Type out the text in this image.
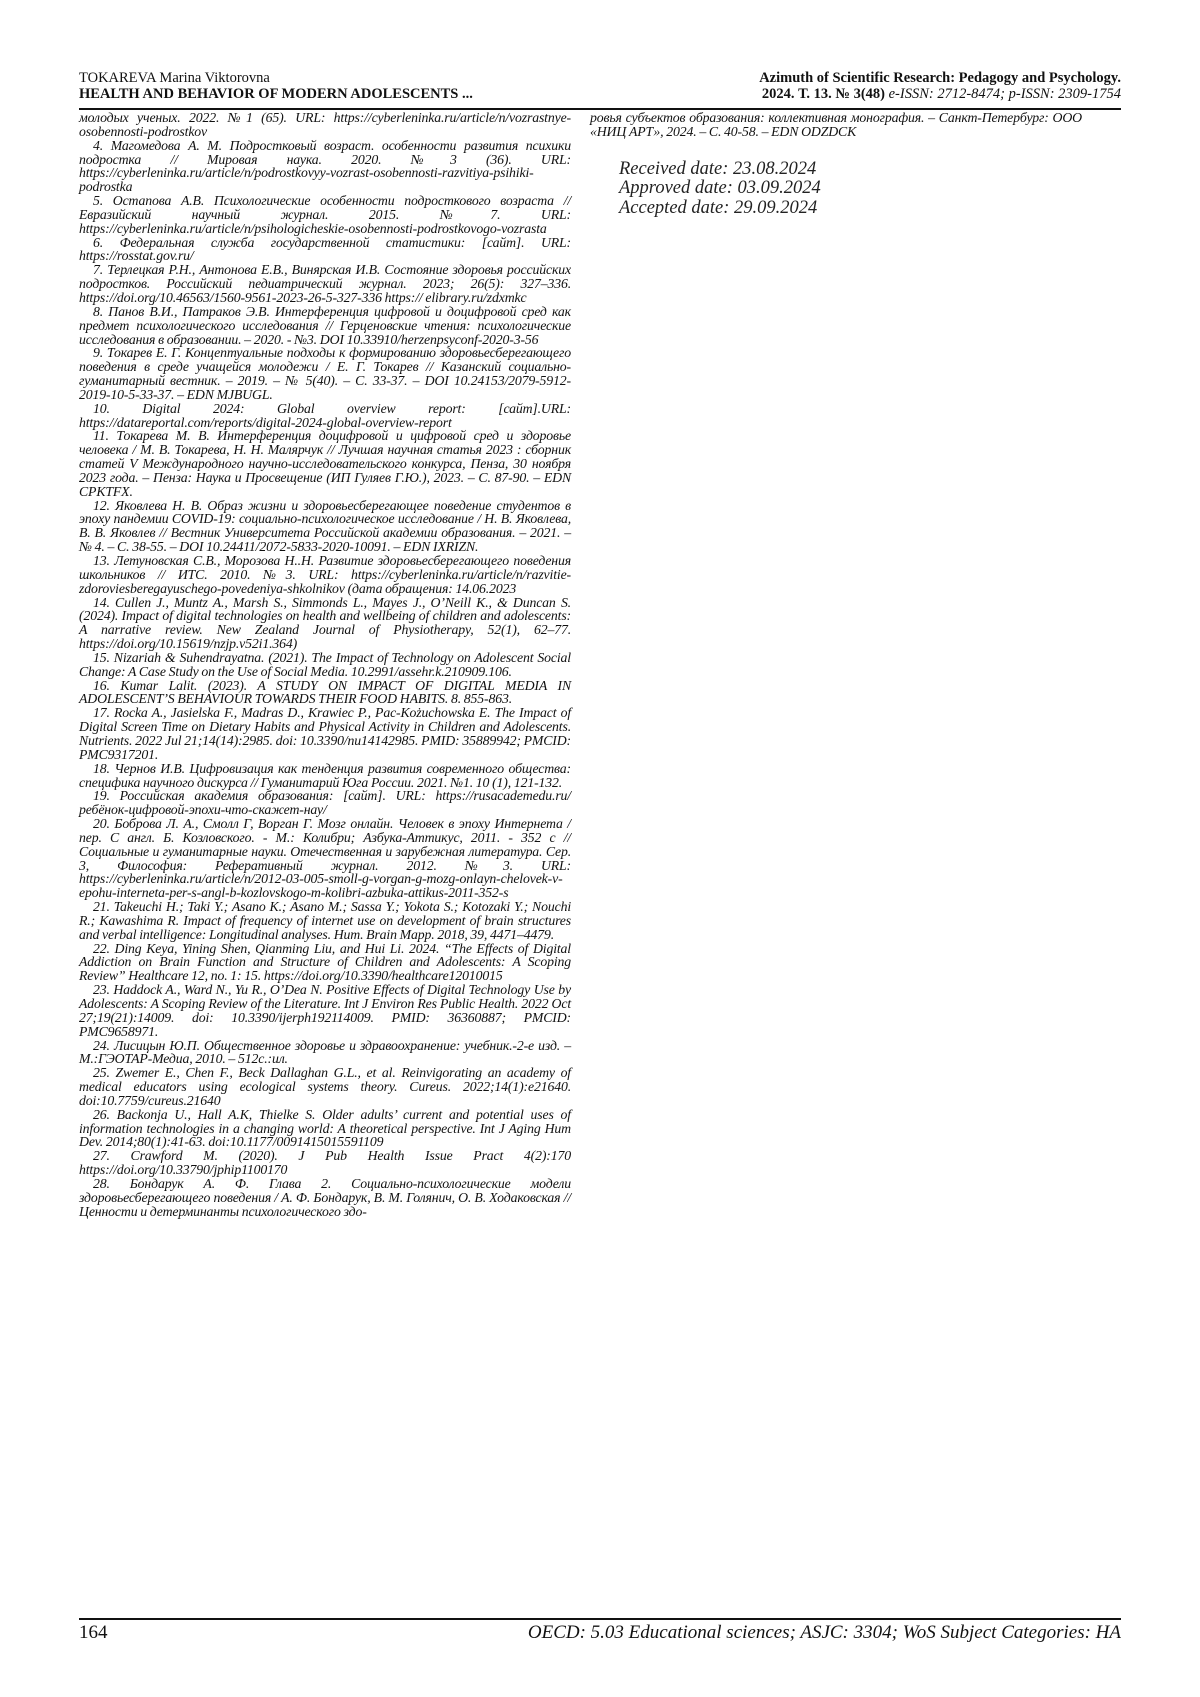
TOKAREVA Marina Viktorovna
HEALTH AND BEHAVIOR OF MODERN ADOLESCENTS ...
Azimuth of Scientific Research: Pedagogy and Psychology.
2024. Т. 13. № 3(48) e-ISSN: 2712-8474; p-ISSN: 2309-1754

молодых ученых. 2022. №1 (65). URL: https://cyberleninka.ru/article/n/vozrastnye-osobennosti-podrostkov

4. Магомедова А. М. Подростковый возраст. особенности развития психики подростка // Мировая наука. 2020. №3 (36). URL: https://cyberleninka.ru/article/n/podrostkovyy-vozrast-osobennosti-razvitiya-psihiki-podrostka

5. Остапова А.В. Психологические особенности подросткового возраста // Евразийский научный журнал. 2015. №7. URL: https://cyberleninka.ru/article/n/psihologicheskie-osobennosti-podrostkovogo-vozrasta

6. Федеральная служба государственной статистики: [сайт]. URL: https://rosstat.gov.ru/

7. Терлецкая Р.Н., Антонова Е.В., Винярская И.В. Состояние здоровья российских подростков. Российский педиатрический журнал. 2023; 26(5): 327–336. https://doi.org/10.46563/1560-9561-2023-26-5-327-336 https:// elibrary.ru/zdxmkc

8. Панов В.И., Патраков Э.В. Интерференция цифровой и доцифровой сред как предмет психологического исследования // Герценовские чтения: психологические исследования в образовании. – 2020. - №3. DOI 10.33910/herzenpsyconf-2020-3-56

9. Токарев Е. Г. Концептуальные подходы к формированию здоровьесберегающего поведения в среде учащейся молодежи / Е. Г. Токарев // Казанский социально-гуманитарный вестник. – 2019. – № 5(40). – С. 33-37. – DOI 10.24153/2079-5912-2019-10-5-33-37. – EDN MJBUGL.

10. Digital 2024: Global overview report: [сайт].URL: https://datareportal.com/reports/digital-2024-global-overview-report

11. Токарева М. В. Интерференция доцифровой и цифровой сред и здоровье человека / М. В. Токарева, Н. Н. Малярчук // Лучшая научная статья 2023 : сборник статей V Международного научно-исследовательского конкурса, Пенза, 30 ноября 2023 года. – Пенза: Наука и Просвещение (ИП Гуляев Г.Ю.), 2023. – С. 87-90. – EDN CPKTFX.

12. Яковлева Н. В. Образ жизни и здоровьесберегающее поведение студентов в эпоху пандемии COVID-19: социально-психологическое исследование / Н. В. Яковлева, В. В. Яковлев // Вестник Университета Российской академии образования. – 2021. – № 4. – С. 38-55. – DOI 10.24411/2072-5833-2020-10091. – EDN IXRIZN.

13. Летуновская С.В., Морозова Н..Н. Развитие здоровьесберегающего поведения школьников // ИТС. 2010. №3. URL: https://cyberleninka.ru/article/n/razvitie-zdoroviesberegayuschego-povedeniya-shkolnikov (дата обращения: 14.06.2023

14. Cullen J., Muntz A., Marsh S., Simmonds L., Mayes J., O’Neill K., & Duncan S. (2024). Impact of digital technologies on health and wellbeing of children and adolescents: A narrative review. New Zealand Journal of Physiotherapy, 52(1), 62–77. https://doi.org/10.15619/nzjp.v52i1.364)

15. Nizariah & Suhendrayatna. (2021). The Impact of Technology on Adolescent Social Change: A Case Study on the Use of Social Media. 10.2991/assehr.k.210909.106.

16. Kumar Lalit. (2023). A STUDY ON IMPACT OF DIGITAL MEDIA IN ADOLESCENT’S BEHAVIOUR TOWARDS THEIR FOOD HABITS. 8. 855-863.

17. Rocka A., Jasielska F., Madras D., Krawiec P., Pac-Kożuchowska E. The Impact of Digital Screen Time on Dietary Habits and Physical Activity in Children and Adolescents. Nutrients. 2022 Jul 21;14(14):2985. doi: 10.3390/nu14142985. PMID: 35889942; PMCID: PMC9317201.

18. Чернов И.В. Цифровизация как тенденция развития современного общества: специфика научного дискурса // Гуманитарий Юга России. 2021. №1. 10 (1), 121-132.

19. Российская академия образования: [сайт]. URL: https://rusacademedu.ru/ребёнок-цифровой-эпохи-что-скажет-нау/

20. Боброва Л. А., Смолл Г, Ворган Г. Мозг онлайн. Человек в эпоху Интернета / пер. С англ. Б. Козловского. - М.: Колибри; Азбука-Аттикус, 2011. - 352 с // Социальные и гуманитарные науки. Отечественная и зарубежная литература. Сер. 3, Философия: Реферативный журнал. 2012. №3. URL: https://cyberleninka.ru/article/n/2012-03-005-smoll-g-vorgan-g-mozg-onlayn-chelovek-v-epohu-interneta-per-s-angl-b-kozlovskogo-m-kolibri-azbuka-attikus-2011-352-s

21. Takeuchi H.; Taki Y.; Asano K.; Asano M.; Sassa Y.; Yokota S.; Kotozaki Y.; Nouchi R.; Kawashima R. Impact of frequency of internet use on development of brain structures and verbal intelligence: Longitudinal analyses. Hum. Brain Mapp. 2018, 39, 4471–4479.

22. Ding Keya, Yining Shen, Qianming Liu, and Hui Li. 2024. “The Effects of Digital Addiction on Brain Function and Structure of Children and Adolescents: A Scoping Review” Healthcare 12, no. 1: 15. https://doi.org/10.3390/healthcare12010015

23. Haddock A., Ward N., Yu R., O’Dea N. Positive Effects of Digital Technology Use by Adolescents: A Scoping Review of the Literature. Int J Environ Res Public Health. 2022 Oct 27;19(21):14009. doi: 10.3390/ijerph192114009. PMID: 36360887; PMCID: PMC9658971.

24. Лисицын Ю.П. Общественное здоровье и здравоохранение: учебник.-2-е изд. – М.:ГЭОТАР-Медиа, 2010. – 512с.:ил.

25. Zwemer E., Chen F., Beck Dallaghan G.L., et al. Reinvigorating an academy of medical educators using ecological systems theory. Cureus. 2022;14(1):e21640. doi:10.7759/cureus.21640

26. Backonja U., Hall A.K, Thielke S. Older adults’ current and potential uses of information technologies in a changing world: A theoretical perspective. Int J Aging Hum Dev. 2014;80(1):41-63. doi:10.1177/0091415015591109

27. Crawford M. (2020). J Pub Health Issue Pract 4(2):170 https://doi.org/10.33790/jphip1100170

28. Бондарук А. Ф. Глава 2. Социально-психологические модели здоровьесберегающего поведения / А. Ф. Бондарук, В. М. Голянич, О. В. Ходаковская // Ценности и детерминанты психологического здо-

ровья субъектов образования: коллективная монография. – Санкт-Петербург: ООО «НИЦ АРТ», 2024. – С. 40-58. – EDN ODZDCK

Received date: 23.08.2024
Approved date: 03.09.2024
Accepted date: 29.09.2024
164	OECD: 5.03 Educational sciences; ASJC: 3304; WoS Subject Categories: HA
